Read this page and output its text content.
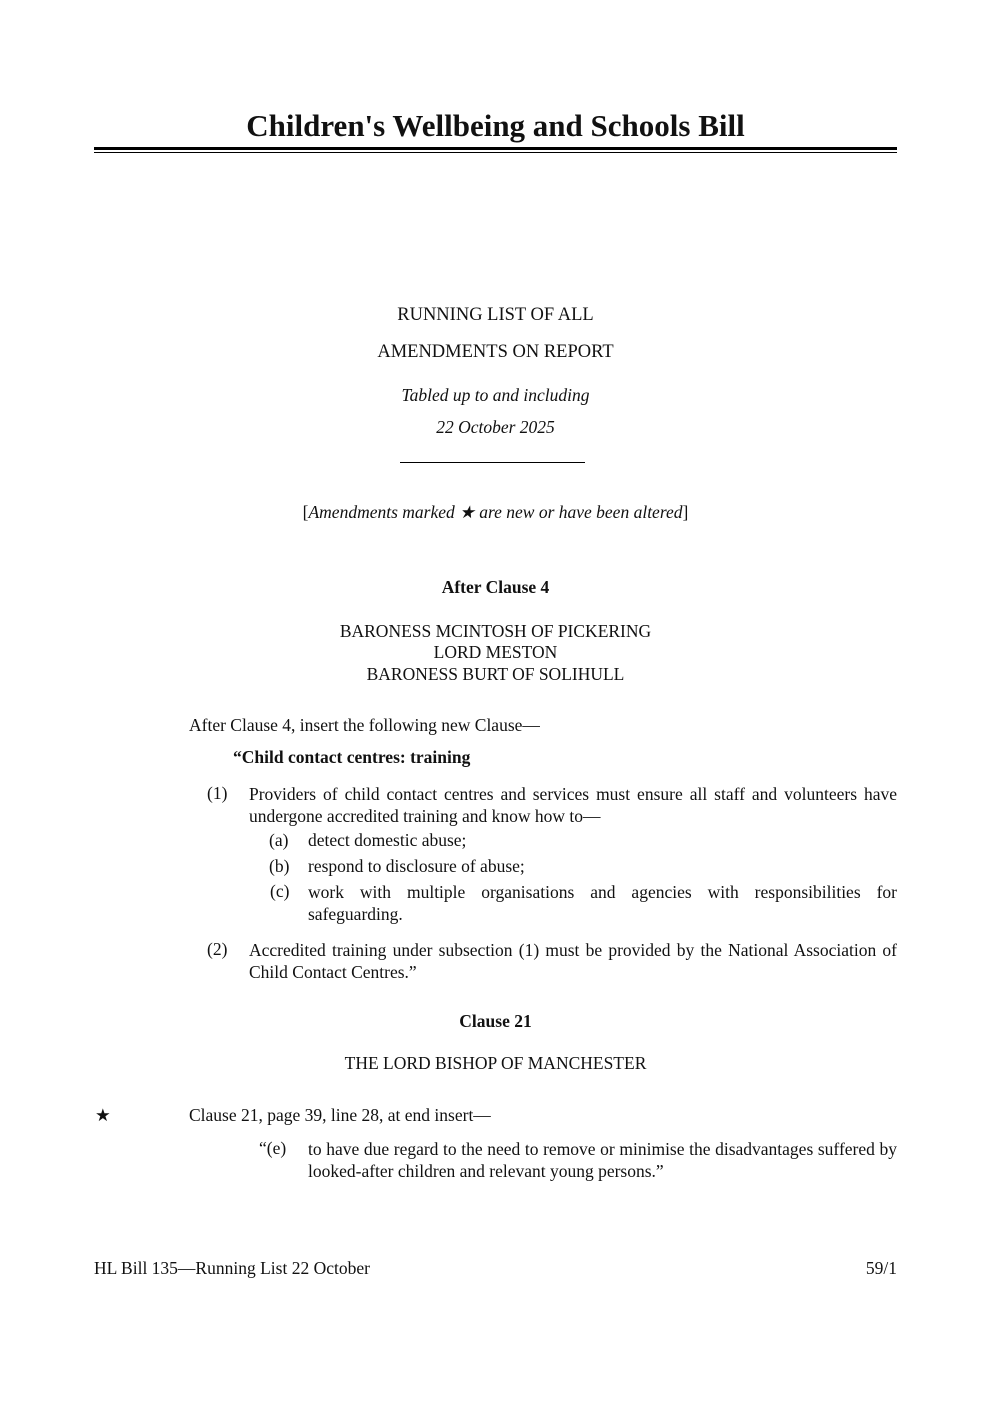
Children's Wellbeing and Schools Bill
RUNNING LIST OF ALL
AMENDMENTS ON REPORT
Tabled up to and including
22 October 2025
[Amendments marked ★ are new or have been altered]
After Clause 4
BARONESS MCINTOSH OF PICKERING
LORD MESTON
BARONESS BURT OF SOLIHULL
After Clause 4, insert the following new Clause—
“Child contact centres: training
(1) Providers of child contact centres and services must ensure all staff and volunteers have undergone accredited training and know how to—
(a) detect domestic abuse;
(b) respond to disclosure of abuse;
(c) work with multiple organisations and agencies with responsibilities for safeguarding.
(2) Accredited training under subsection (1) must be provided by the National Association of Child Contact Centres.”
Clause 21
THE LORD BISHOP OF MANCHESTER
★	Clause 21, page 39, line 28, at end insert—
“(e) to have due regard to the need to remove or minimise the disadvantages suffered by looked-after children and relevant young persons.”
HL Bill 135—Running List 22 October	59/1
